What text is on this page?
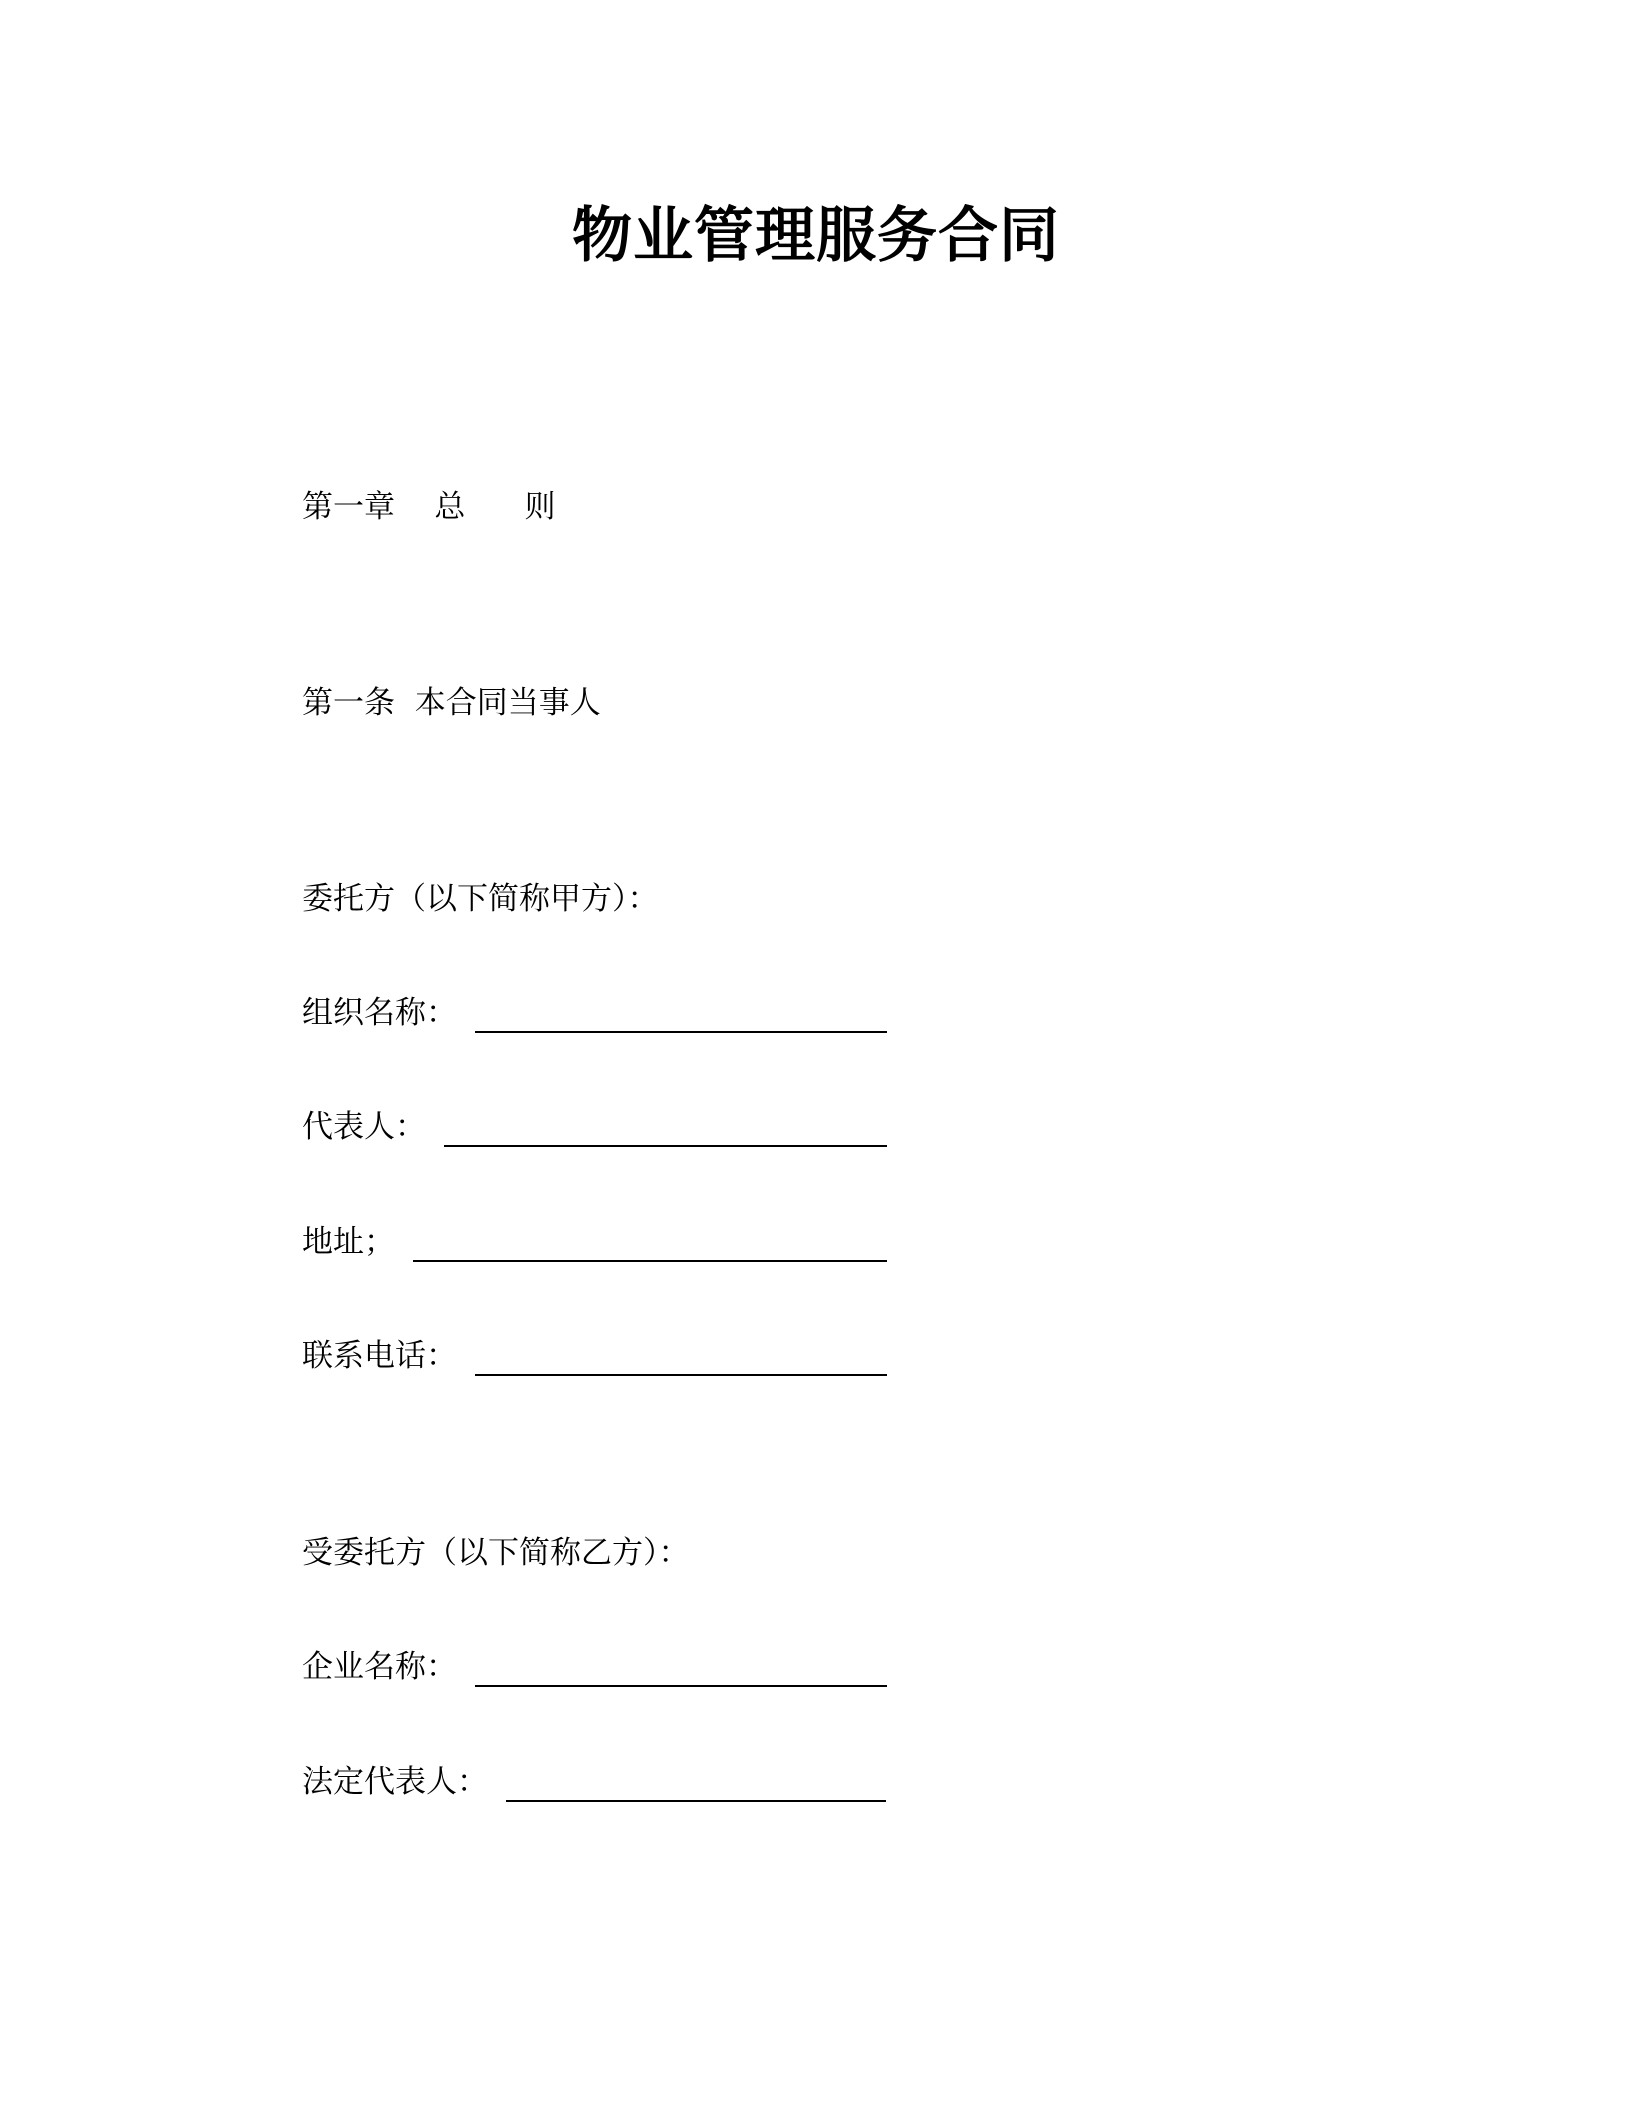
物业管理服务合同
第一章    总      则
第一条  本合同当事人
委托方（以下简称甲方）：
组织名称：
代表人：
地址；
联系电话：
受委托方（以下简称乙方）：
企业名称：
法定代表人：
